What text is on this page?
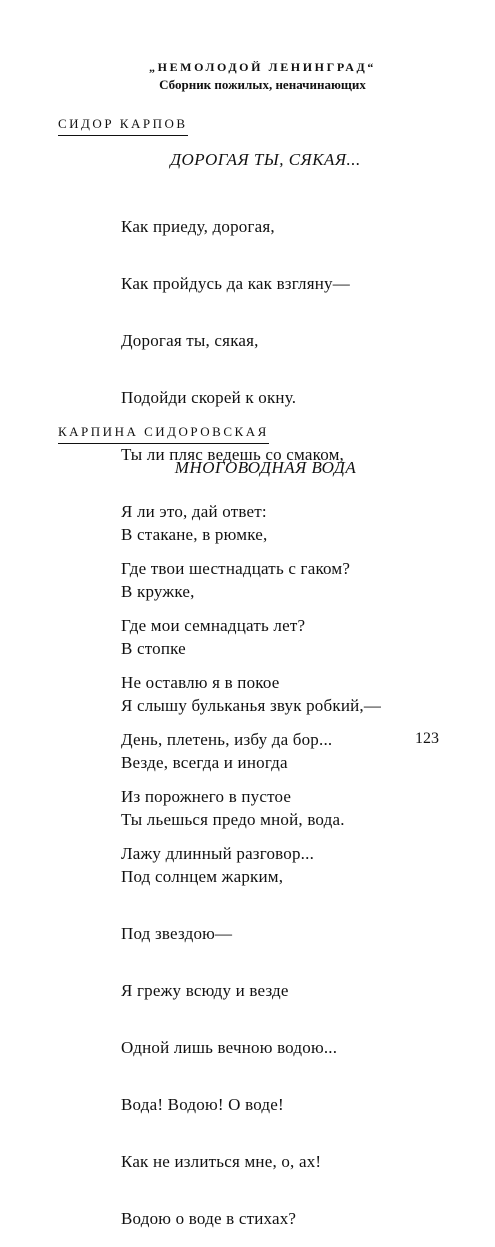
„НЕМОЛОДОЙ ЛЕНИНГРАД“
Сборник пожилых, неначинающих
СИДОР КАРПОВ
ДОРОГАЯ ТЫ, СЯКАЯ...

Как приеду, дорогая,

Как пройдусь да как взгляну—

Дорогая ты, сякая,

Подойди скорей к окну.

Ты ли пляс ведешь со смаком,

Я ли это, дай ответ:

Где твои шестнадцать с гаком?

Где мои семнадцать лет?

Не оставлю я в покое

День, плетень, избу да бор...

Из порожнего в пустое

Лажу длинный разговор...

КАРПИНА СИДОРОВСКАЯ
МНОГОВОДНАЯ ВОДА

В стакане, в рюмке,

В кружке,

В стопке

Я слышу бульканья звук робкий,—

Везде, всегда и иногда

Ты льешься предо мной, вода.

Под солнцем жарким,

Под звездою—

Я грежу всюду и везде

Одной лишь вечною водою...

Вода! Водою! О воде!

Как не излиться мне, о, ах!

Водою о воде в стихах?

123
